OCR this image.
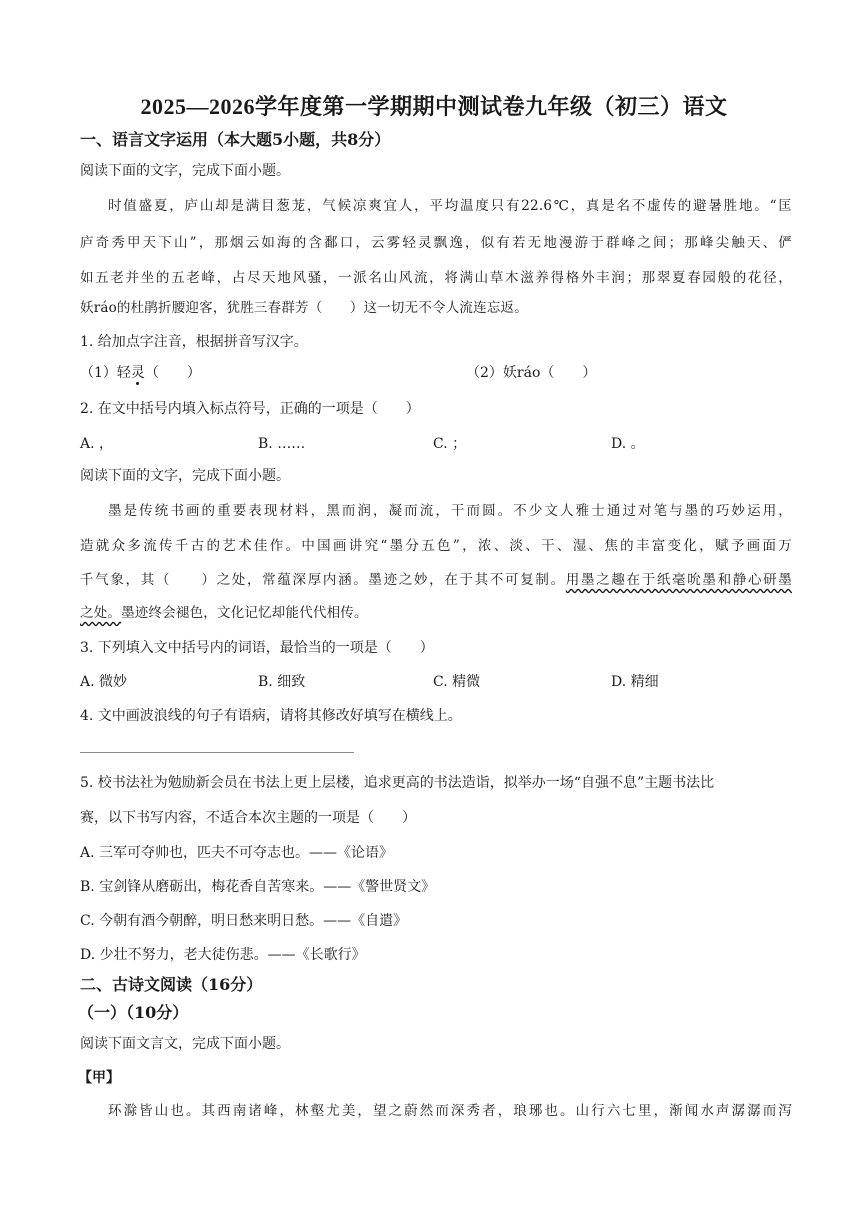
2025—2026学年度第一学期期中测试卷九年级（初三）语文
一、语言文字运用（本大题5小题，共8分）
阅读下面的文字，完成下面小题。
时值盛夏，庐山却是满目葱茏，气候凉爽宜人，平均温度只有22.6℃，真是名不虚传的避暑胜地。“匡
庐奇秀甲天下山”，那烟云如海的含鄱口，云雾轻灵飘逸，似有若无地漫游于群峰之间；那峰尖触天、俨
如五老并坐的五老峰，占尽天地风骚，一派名山风流，将满山草木滋养得格外丰润；那翠夏春园般的花径，
妖ráo的杜鹃折腰迎客，犹胜三春群芳（　　）这一切无不令人流连忘返。
1. 给加点字注音，根据拼音写汉字。
（1）轻灵（　　）	（2）妖ráo（　　）
2. 在文中括号内填入标点符号，正确的一项是（　　）
A. ，	B. ……	C. ；	D. 。
阅读下面的文字，完成下面小题。
墨是传统书画的重要表现材料，黑而润，凝而流，干而圆。不少文人雅士通过对笔与墨的巧妙运用，
造就众多流传千古的艺术佳作。中国画讲究“墨分五色”，浓、淡、干、湿、焦的丰富变化，赋予画面万
千气象，其（　　）之处，常蕴深厚内涵。墨迹之妙，在于其不可复制。用墨之趣在于纸毫吮墨和静心研墨
之处。墨迹终会褪色，文化记忆却能代代相传。
3. 下列填入文中括号内的词语，最恰当的一项是（　　）
A. 微妙	B. 细致	C. 精微	D. 精细
4. 文中画波浪线的句子有语病，请将其修改好填写在横线上。
5. 校书法社为勉励新会员在书法上更上层楼，追求更高的书法造诣，拟举办一场“自强不息”主题书法比
赛，以下书写内容，不适合本次主题的一项是（　　）
A. 三军可夺帅也，匹夫不可夺志也。——《论语》
B. 宝剑锋从磨砺出，梅花香自苦寒来。——《警世贤文》
C. 今朝有酒今朝醉，明日愁来明日愁。——《自遣》
D. 少壮不努力，老大徒伤悲。——《长歌行》
二、古诗文阅读（16分）
（一）（10分）
阅读下面文言文，完成下面小题。
【甲】
环滁皆山也。其西南诸峰，林壑尤美，望之蔚然而深秀者，琅琊也。山行六七里，渐闻水声潺潺而泻
